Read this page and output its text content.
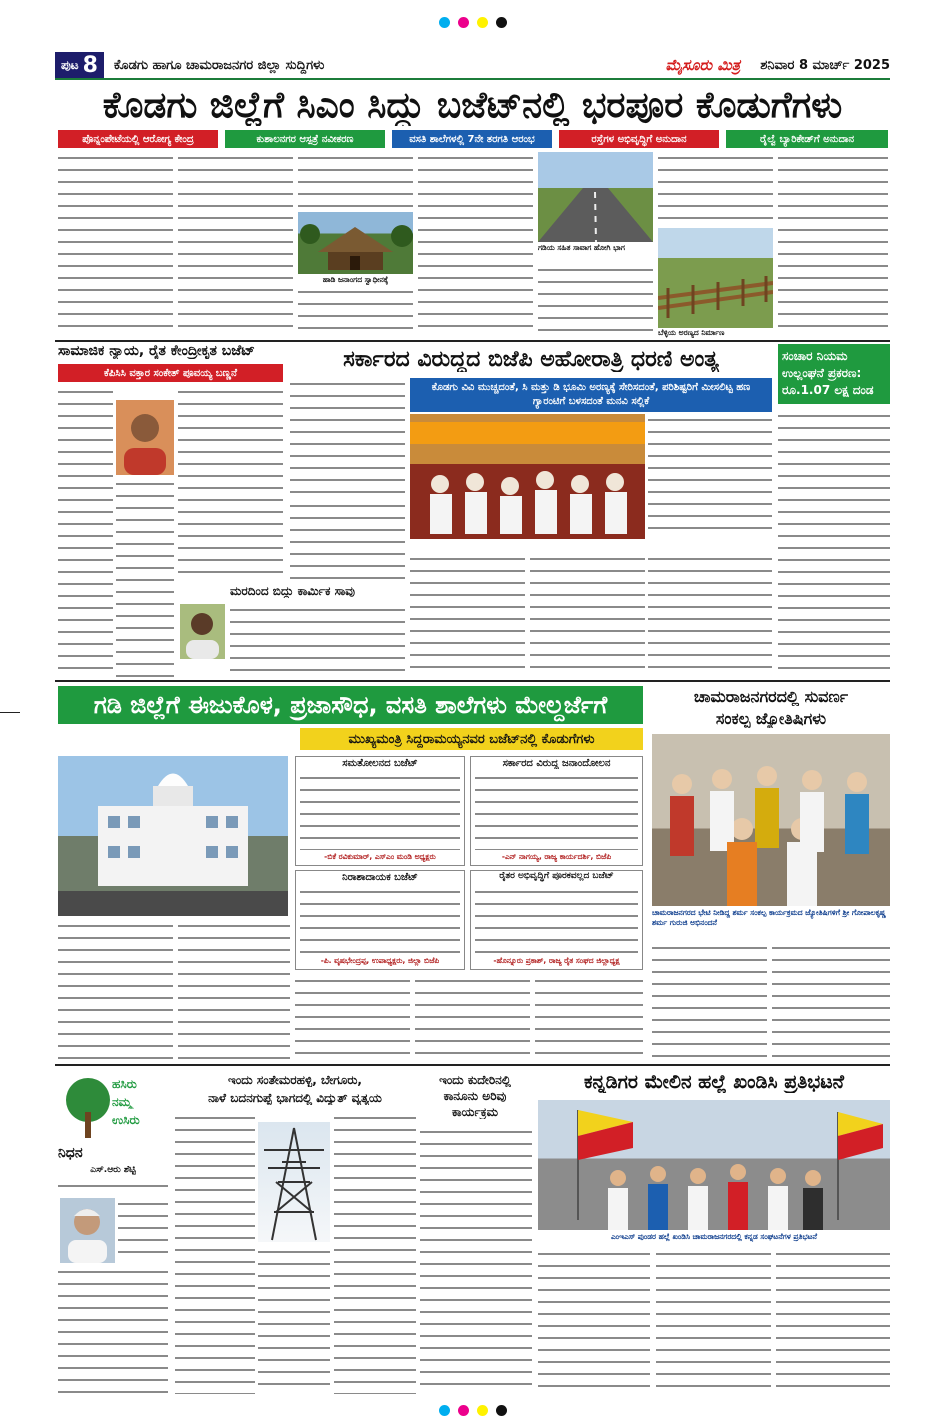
ಪುಟ 8 ಕೊಡಗು ಹಾಗೂ ಚಾಮರಾಜನಗರ ಜಿಲ್ಲಾ ಸುದ್ದಿಗಳು	ಮೈಸೂರು ಮಿತ್ರ ಶನಿವಾರ 8 ಮಾರ್ಚ್ 2025
ಕೊಡಗು ಜಿಲ್ಲೆಗೆ ಸಿಎಂ ಸಿದ್ದು ಬಜೆಟ್‌ನಲ್ಲಿ ಭರಪೂರ ಕೊಡುಗೆಗಳು
ಪೊನ್ನಂಪೇಟೆಯಲ್ಲಿ ಆರೋಗ್ಯ ಕೇಂದ್ರ	ಕುಶಾಲನಗರ ಆಸ್ಪತ್ರೆ ನವೀಕರಣ	ವಸತಿ ಶಾಲೆಗಳಲ್ಲಿ 7ನೇ ತರಗತಿ ಆರಂಭ	ರಸ್ತೆಗಳ ಅಭಿವೃದ್ಧಿಗೆ ಅನುದಾನ	ರೈಲ್ವೆ ಬ್ಯಾರಿಕೇಡ್‌ಗೆ ಅನುದಾನ
ಹಾಡಿ ಜನಾಂಗದ ಸ್ವಾಧೀನಕ್ಕೆ
ಗಡಿಯ ಸಹಿತ ಸಾವಾಗ ಹೋಗಿ ಭಾಗ
ಬೆಳ್ಳಿಯ ಅರಣ್ಯದ ನಿರ್ಮಾಣ
ಸಾಮಾಜಿಕ ನ್ಯಾಯ, ರೈತ ಕೇಂದ್ರೀಕೃತ ಬಜೆಟ್
ಕೆಪಿಸಿಸಿ ವಕ್ತಾರ ಸಂಕೇತ್ ಪೂವಯ್ಯ ಬಣ್ಣನೆ
ಸರ್ಕಾರದ ವಿರುದ್ಧದ ಬಿಜೆಪಿ ಅಹೋರಾತ್ರಿ ಧರಣಿ ಅಂತ್ಯ
ಕೊಡಗು ವಿವಿ ಮುಚ್ಚದಂತೆ, ಸಿ ಮತ್ತು ಡಿ ಭೂಮಿ ಅರಣ್ಯಕ್ಕೆ ಸೇರಿಸದಂತೆ, ಪರಿಶಿಷ್ಟರಿಗೆ ಮೀಸಲಿಟ್ಟ ಹಣ ಗ್ಯಾರಂಟಿಗೆ ಬಳಸದಂತೆ ಮನವಿ ಸಲ್ಲಿಕೆ
ಸಂಚಾರ ನಿಯಮ ಉಲ್ಲಂಘನೆ ಪ್ರಕರಣ: ರೂ.1.07 ಲಕ್ಷ ದಂಡ
ಮರದಿಂದ ಬಿದ್ದು ಕಾರ್ಮಿಕ ಸಾವು
ಗಡಿ ಜಿಲ್ಲೆಗೆ ಈಜುಕೊಳ, ಪ್ರಜಾಸೌಧ, ವಸತಿ ಶಾಲೆಗಳು ಮೇಲ್ದರ್ಜೆಗೆ
ಮುಖ್ಯಮಂತ್ರಿ ಸಿದ್ದರಾಮಯ್ಯನವರ ಬಜೆಟ್‌ನಲ್ಲಿ ಕೊಡುಗೆಗಳು
ಸಮತೋಲನದ ಬಜೆಟ್
-ಬಿಕೆ ರವಿಕುಮಾರ್, ಎಸ್‌ಎಂ ಮಂಡಿ ಅಧ್ಯಕ್ಷರು
ಸರ್ಕಾರದ ವಿರುದ್ಧ ಜನಾಂದೋಲನ
-ಎನ್ ನಾಗಯ್ಯ, ರಾಜ್ಯ ಕಾರ್ಯದರ್ಶಿ, ಬಿಜೆಪಿ
ನಿರಾಶಾದಾಯಕ ಬಜೆಟ್
-ಪಿ. ವೃಷಭೇಂದ್ರಪ್ಪ, ಉಪಾಧ್ಯಕ್ಷರು, ಜಿಲ್ಲಾ ಬಿಜೆಪಿ
ರೈತರ ಅಭಿವೃದ್ಧಿಗೆ ಪೂರಕವಲ್ಲದ ಬಜೆಟ್
-ಹೊನ್ನೂರು ಪ್ರಕಾಶ್, ರಾಜ್ಯ ರೈತ ಸಂಘದ ಜಿಲ್ಲಾಧ್ಯಕ್ಷ
ಚಾಮರಾಜನಗರದಲ್ಲಿ ಸುವರ್ಣ
ಸಂಕಲ್ಪ ಜ್ಯೋತಿಷಿಗಳು
ಚಾಮರಾಜನಗರದ ಭೇಟಿ ನೀಡಿದ್ದ ಶರ್ಮ ಸಂಕಲ್ಪ ಕಾರ್ಯಕ್ರಮದ ಜ್ಯೋತಿಷಿಗಳಿಗೆ ಶ್ರೀ ಗೋಪಾಲಕೃಷ್ಣ ಶರ್ಮ ಗುರುಜಿ ಅಭಿನಂದನೆ
ಹಸಿರು
ನಮ್ಮ
ಉಸಿರು
ನಿಧನ
ಎಸ್.ಆರು ಶೆಟ್ಟಿ
ಇಂದು ಸಂತೇಮರಹಳ್ಳಿ, ಬೇಗೂರು,
ನಾಳೆ ಬದನಗುಪ್ಪೆ ಭಾಗದಲ್ಲಿ ವಿದ್ಯುತ್ ವ್ಯತ್ಯಯ
ಇಂದು ಕುದೇರಿನಲ್ಲಿ
ಕಾನೂನು ಅರಿವು
ಕಾರ್ಯಕ್ರಮ
ಕನ್ನಡಿಗರ ಮೇಲಿನ ಹಲ್ಲೆ ಖಂಡಿಸಿ ಪ್ರತಿಭಟನೆ
ಎಂಇಎಸ್ ಪುಂಡರ ಹಲ್ಲೆ ಖಂಡಿಸಿ ಚಾಮರಾಜನಗರದಲ್ಲಿ ಕನ್ನಡ ಸಂಘಟನೆಗಳ ಪ್ರತಿಭಟನೆ
